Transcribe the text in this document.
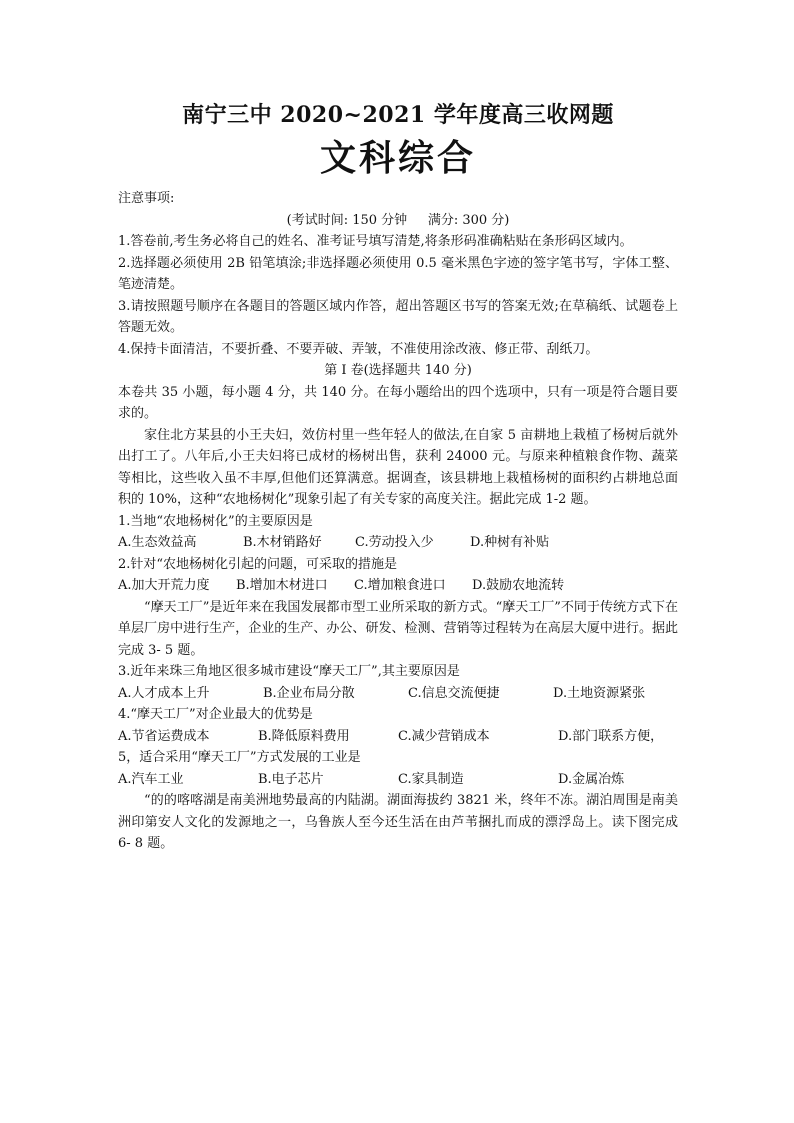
南宁三中 2020~2021 学年度高三收网题
文科综合

注意事项:

(考试时间: 150 分钟     满分: 300 分)

1.答卷前,考生务必将自己的姓名、准考证号填写清楚,将条形码准确粘贴在条形码区域内。

2.选择题必须使用 2B 铅笔填涂;非选择题必须使用 0.5 毫米黑色字迹的签字笔书写，字体工整、笔迹清楚。

3.请按照题号顺序在各题目的答题区域内作答，超出答题区书写的答案无效;在草稿纸、试题卷上答题无效。

4.保持卡面清洁，不要折叠、不要弄破、弄皱，不准使用涂改液、修正带、刮纸刀。

第 I 卷(选择题共 140 分)

本卷共 35 小题，每小题 4 分，共 140 分。在每小题给出的四个选项中，只有一项是符合题目要求的。

家住北方某县的小王夫妇，效仿村里一些年轻人的做法,在自家 5 亩耕地上栽植了杨树后就外出打工了。八年后,小王夫妇将已成材的杨树出售，获利 24000 元。与原来种植粮食作物、蔬菜等相比，这些收入虽不丰厚,但他们还算满意。据调查，该县耕地上栽植杨树的面积约占耕地总面积的 10%，这种“农地杨树化”现象引起了有关专家的高度关注。据此完成 1-2 题。

1.当地“农地杨树化”的主要原因是

A.生态效益高	B.木材销路好	C.劳动投入少	D.种树有补贴

2.针对“农地杨树化引起的问题，可采取的措施是

A.加大开荒力度	B.增加木材进口	C.增加粮食进口	D.鼓励农地流转

“摩天工厂”是近年来在我国发展都市型工业所采取的新方式。“摩天工厂”不同于传统方式下在单层厂房中进行生产，企业的生产、办公、研发、检测、营销等过程转为在高层大厦中进行。据此完成 3- 5 题。

3.近年来珠三角地区很多城市建设“摩天工厂”,其主要原因是

A.人才成本上升	B.企业布局分散	C.信息交流便捷	D.土地资源紧张

4.“摩天工厂”对企业最大的优势是

A.节省运费成本	B.降低原料费用	C.减少营销成本	D.部门联系方便，

5，适合采用“摩天工厂”方式发展的工业是

A.汽车工业	B.电子芯片	C.家具制造	D.金属冶炼

“的的喀喀湖是南美洲地势最高的内陆湖。湖面海拔约 3821 米，终年不冻。湖泊周围是南美洲印第安人文化的发源地之一，乌鲁族人至今还生活在由芦苇捆扎而成的漂浮岛上。读下图完成 6- 8 题。
